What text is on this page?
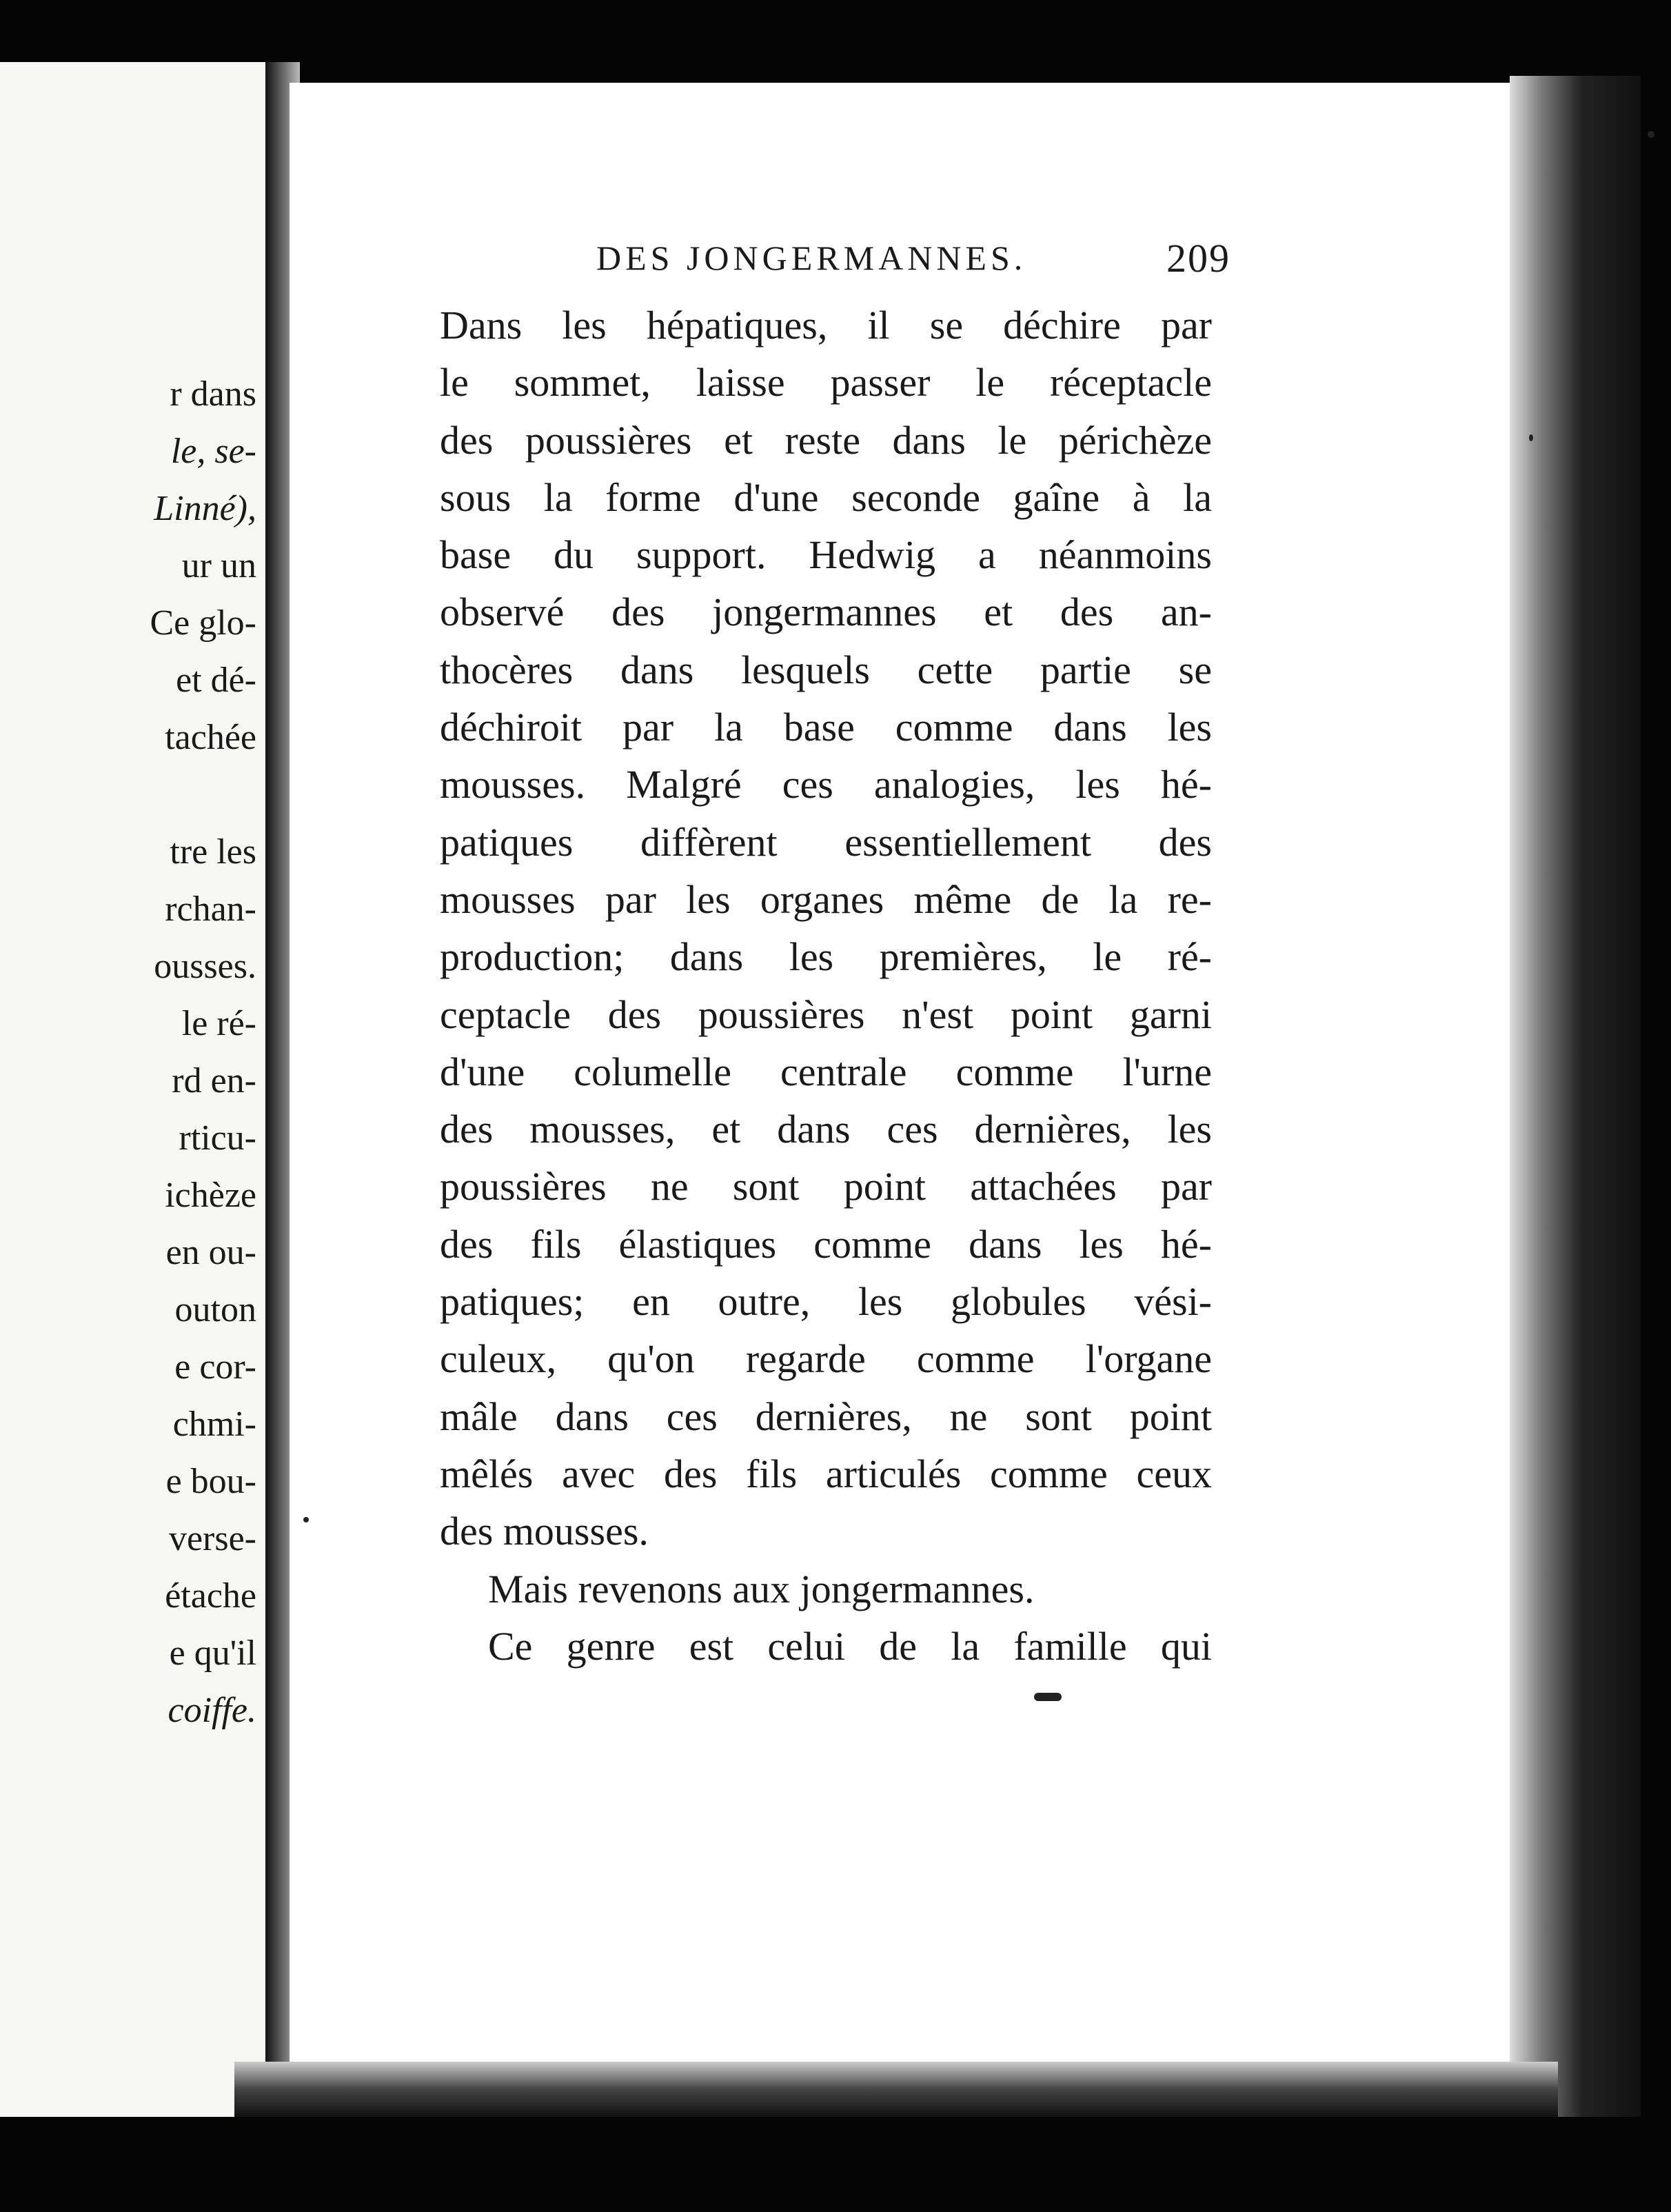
r dans
le, se-
Linné),
ur un
Ce glo-
et dé-
tachée
tre les
rchan-
ousses.
le ré-
rd en-
rticu-
ichèze
en ou-
outon
e cor-
chmi-
e bou-
verse-
étache
e qu'il
coiffe.
DES JONGERMANNES.	209
Dans les hépatiques, il se déchire par
le sommet, laisse passer le réceptacle
des poussières et reste dans le périchèze
sous la forme d'une seconde gaîne à la
base du support. Hedwig a néanmoins
observé des jongermannes et des an-
thocères dans lesquels cette partie se
déchiroit par la base comme dans les
mousses. Malgré ces analogies, les hé-
patiques diffèrent essentiellement des
mousses par les organes même de la re-
production; dans les premières, le ré-
ceptacle des poussières n'est point garni
d'une columelle centrale comme l'urne
des mousses, et dans ces dernières, les
poussières ne sont point attachées par
des fils élastiques comme dans les hé-
patiques; en outre, les globules vési-
culeux, qu'on regarde comme l'organe
mâle dans ces dernières, ne sont point
mêlés avec des fils articulés comme ceux
des mousses.
Mais revenons aux jongermannes.
Ce genre est celui de la famille qui
